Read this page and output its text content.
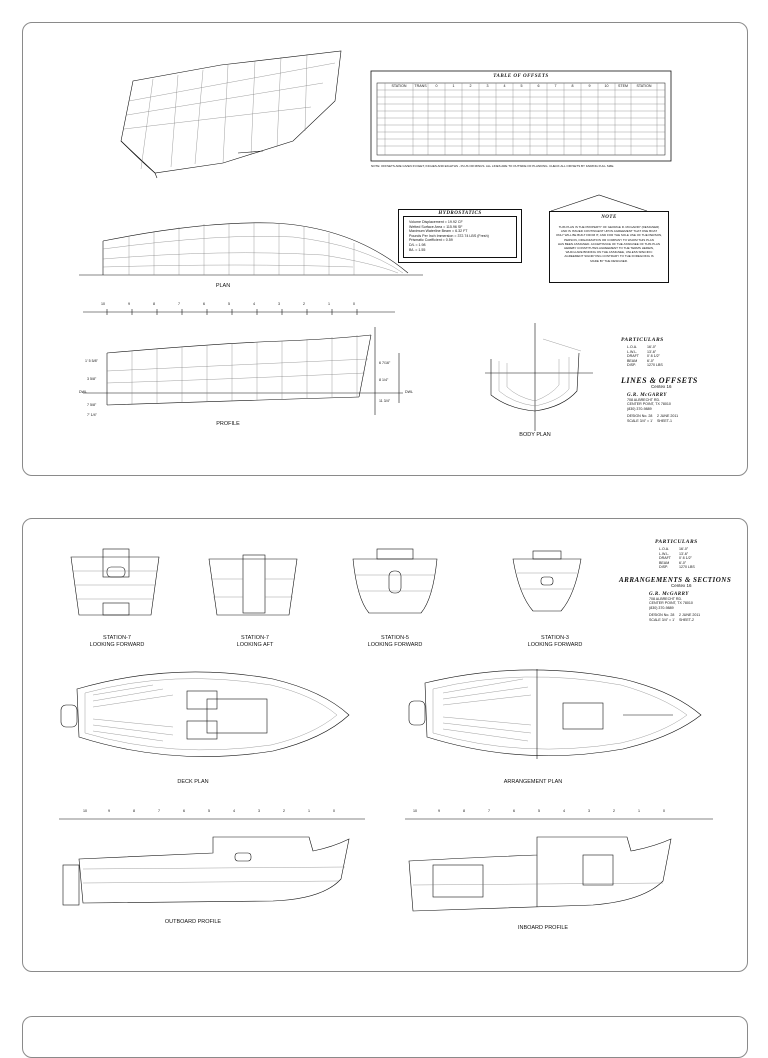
TABLE OF OFFSETS
STATION	TRANS	0	1	2	3	4	5	6	7	8	9	10	STEM	STATION
NOTE: OFFSETS ARE GIVEN IN FEET, INCHES AND EIGHTHS - PLUS OR MINUS. ALL LINES ARE TO OUTSIDE OF PLANKING. CHECK ALL OFFSETS BY FAIRING FULL SIZE.
HYDROSTATICS
Volume Displacement = 19.92 CF
Wetted Surface Area = 115.96 SF
Maximum Waterline Beam = 6.32 FT
Pounds Per Inch Immersion = 372.74 LBS (Fresh)
Prismatic Coefficient = 0.59
D/L = 1.98
B/L = 1.55
NOTE
THIS PLAN IS THE PROPERTY OF GEORGE R. MCGARRY (DESIGNER)
AND IS ISSUED CONTINGENT UPON AGREEMENT THAT ONE BOAT
ONLY WILL BE BUILT FROM IT, AND FOR THE SOLE USE OF THE PERSON,
PERSON, ORGANIZATION OR COMPANY TO WHOM THIS PLAN
HAS BEEN ASSIGNED. ACCEPTANCE OF THE ASSIGNEE OF THIS PLAN
HEREBY CONSTITUTES AGREEMENT TO THE TERMS HEREIN,
WHICH ARE BINDING ON THE ASSIGNEE, UNLESS SPECIFIC
AGREEMENT SIGNIFYING CONTRARY TO THE FOREGOING IS
MADE BY THE DESIGNER.
PLAN
PROFILE
BODY PLAN
10	9	8	7	6	5	4	3	2	1	0
1' 5 5/8"
3 5/8"
7 5/8"
7' 1/4"
6 7/16"
8 1/4"
11 3/4"
DWL	DWL
PARTICULARS
L.O.A.	16'-0"
L.W.L.	13'-6"
DRAFT 0' 8 1/2"
BEAM	6'-0"
DISP.	1270 LBS
LINES & OFFSETS
Centex 16
G.R. McGARRY
708 ALBRECHT RD.
CENTER POINT, TX 78010
(830) 370-9889
DESIGN No. 28 2 JUNE 2011
SCALE 3/4" = 1' SHEET-1
STATION-7
LOOKING FORWARD
STATION-7
LOOKING AFT
STATION-5
LOOKING FORWARD
STATION-3
LOOKING FORWARD
DECK PLAN	ARRANGEMENT PLAN
OUTBOARD PROFILE
INBOARD PROFILE
10	9	8	7	6	5	4	3	2	1	0	10	9	8	7	6	5	4	3	2	1	0
PARTICULARS
L.O.A.	16'-0"
L.W.L.	13'-6"
DRAFT 0' 8 1/2"
BEAM	6'-0"
DISP.	1270 LBS
ARRANGEMENTS & SECTIONS
Centex 16
G.R. McGARRY
708 ALBRECHT RD.
CENTER POINT, TX 78010
(830) 370-9889
DESIGN No. 28 2 JUNE 2011
SCALE 3/4" = 1' SHEET-2
